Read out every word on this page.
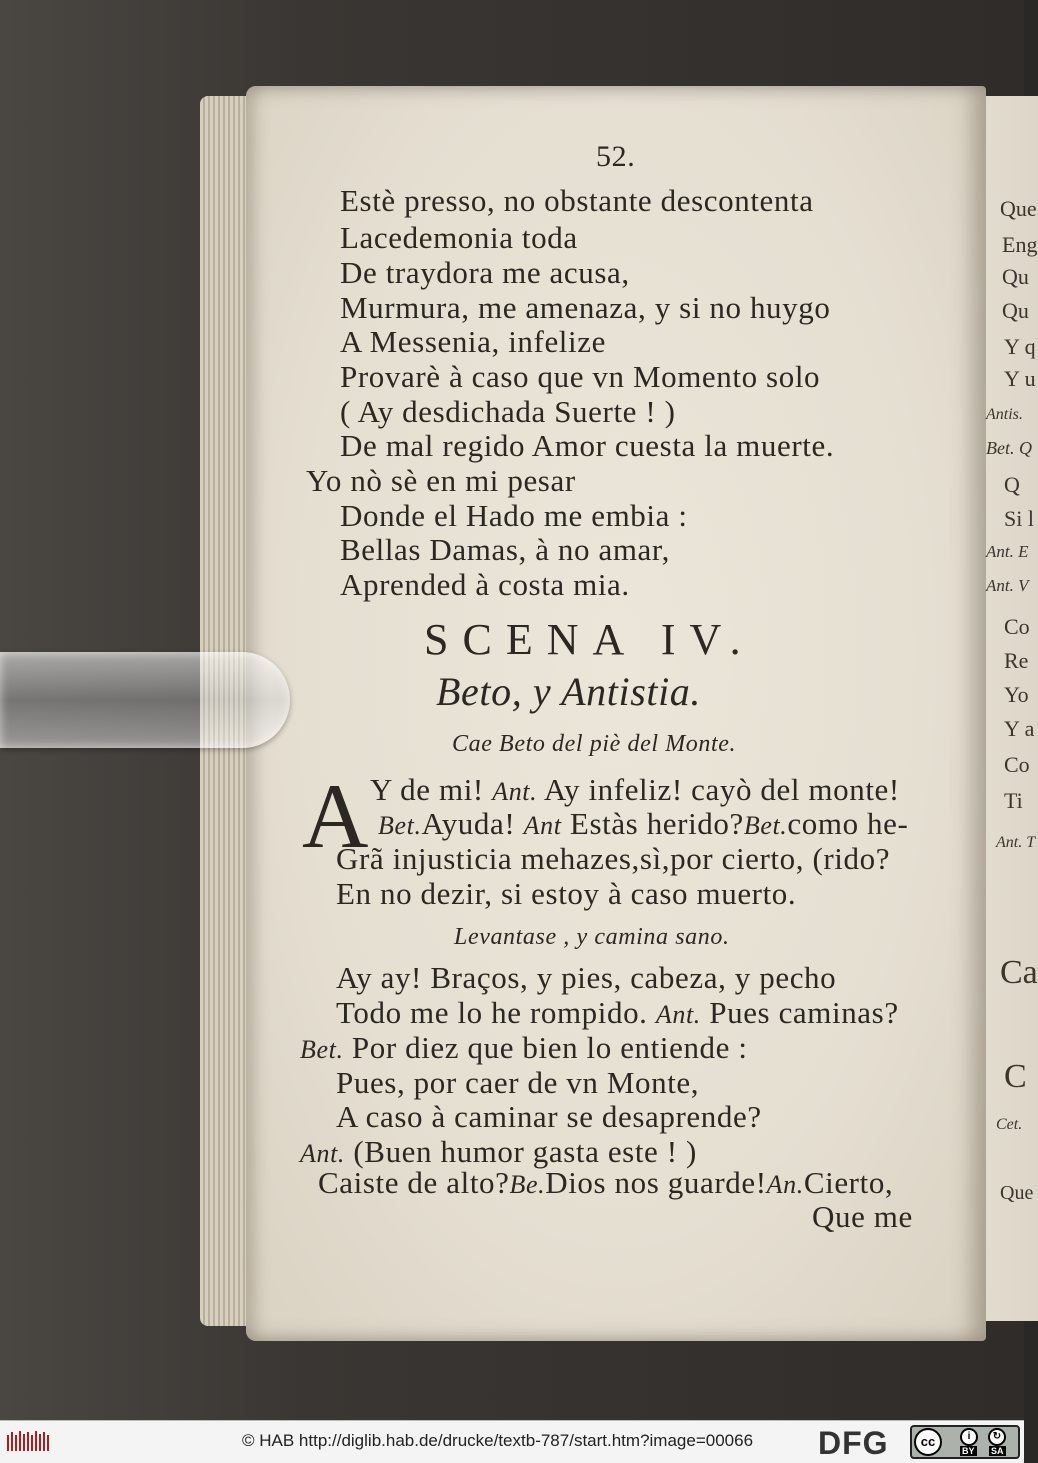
52.
Estè presso, no obstante descontenta
Lacedemonia toda
De traydora me acusa,
Murmura, me amenaza, y si no huygo
A Messenia, infelize
Provarè à caso que vn Momento solo
( Ay desdichada Suerte ! )
De mal regido Amor cuesta la muerte.
Yo nò sè en mi pesar
Donde el Hado me embia :
Bellas Damas, à no amar,
Aprended à costa mia.
SCENA IV.
Beto, y Antistia.
Cae Beto del piè del Monte.
A Y de mi! Ant. Ay infeliz! cayò del monte!
Bet.Ayuda! Ant Estàs herido?Bet.como he-
Grã injusticia mehazes,sì,por cierto, (rido?
En no dezir, si estoy à caso muerto.
Levantase , y camina sano.
Ay ay! Braços, y pies, cabeza, y pecho
Todo me lo he rompido. Ant. Pues caminas?
Bet. Por diez que bien lo entiende :
Pues, por caer de vn Monte,
A caso à caminar se desaprende?
Ant. (Buen humor gasta este ! )
Caiste de alto?Be.Dios nos guarde!An.Cierto,
Que me
Que
Eng
Qu
Qu
Y q
Y u
Antis.
Bet. Q
Q
Si l
Ant. E
Ant. V
Co
Re
Yo
Y a
Co
Ti
Ant. T
Ca
C
Cet.
Que
© HAB http://diglib.hab.de/drucke/textb-787/start.htm?image=00066 DFG	cc	i	↻
BY SA
